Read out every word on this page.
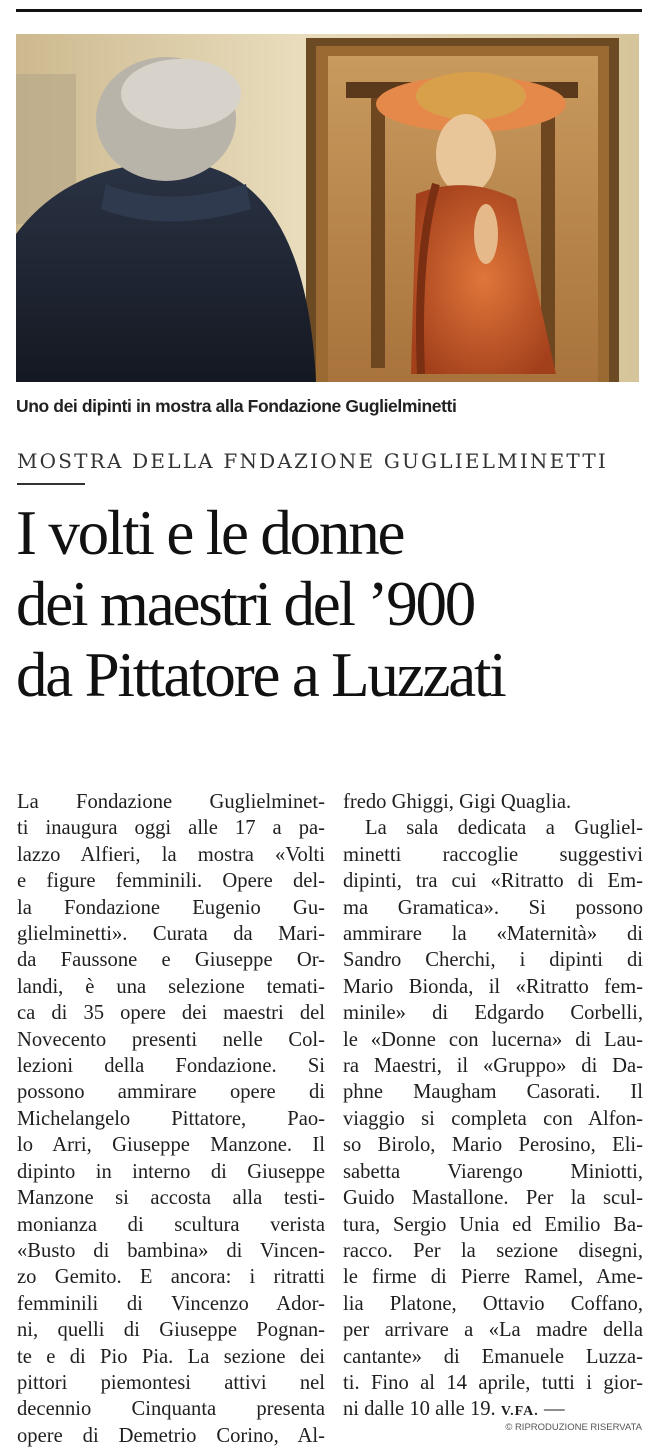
Uno dei dipinti in mostra alla Fondazione Guglielminetti
MOSTRA DELLA FNDAZIONE GUGLIELMINETTI
I volti e le donne
dei maestri del ’900
da Pittatore a Luzzati
La Fondazione Guglielminet-
ti inaugura oggi alle 17 a pa-
lazzo Alfieri, la mostra «Volti
e figure femminili. Opere del-
la Fondazione Eugenio Gu-
glielminetti». Curata da Mari-
da Faussone e Giuseppe Or-
landi, è una selezione temati-
ca di 35 opere dei maestri del
Novecento presenti nelle Col-
lezioni della Fondazione. Si
possono ammirare opere di
Michelangelo Pittatore, Pao-
lo Arri, Giuseppe Manzone. Il
dipinto in interno di Giuseppe
Manzone si accosta alla testi-
monianza di scultura verista
«Busto di bambina» di Vincen-
zo Gemito. E ancora: i ritratti
femminili di Vincenzo Ador-
ni, quelli di Giuseppe Pognan-
te e di Pio Pia. La sezione dei
pittori piemontesi attivi nel
decennio Cinquanta presenta
opere di Demetrio Corino, Al-
fredo Ghiggi, Gigi Quaglia.
La sala dedicata a Gugliel-
minetti raccoglie suggestivi
dipinti, tra cui «Ritratto di Em-
ma Gramatica». Si possono
ammirare la «Maternità» di
Sandro Cherchi, i dipinti di
Mario Bionda, il «Ritratto fem-
minile» di Edgardo Corbelli,
le «Donne con lucerna» di Lau-
ra Maestri, il «Gruppo» di Da-
phne Maugham Casorati. Il
viaggio si completa con Alfon-
so Birolo, Mario Perosino, Eli-
sabetta Viarengo Miniotti,
Guido Mastallone. Per la scul-
tura, Sergio Unia ed Emilio Ba-
racco. Per la sezione disegni,
le firme di Pierre Ramel, Ame-
lia Platone, Ottavio Coffano,
per arrivare a «La madre della
cantante» di Emanuele Luzza-
ti. Fino al 14 aprile, tutti i gior-
ni dalle 10 alle 19. V.FA. —
© RIPRODUZIONE RISERVATA
